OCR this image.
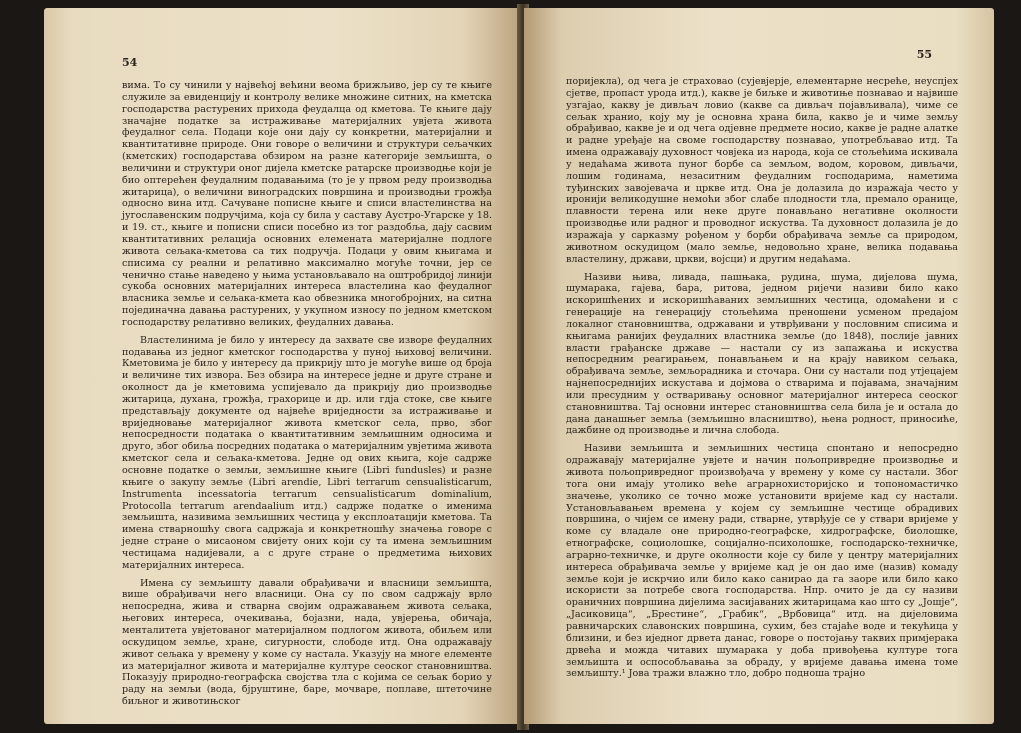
54

вима. То су чинили у највећој већини веома брижљиво, јер су те књиге служиле за евиденцију и контролу велике множине ситних, на кметска господарства растурених прихода феудалца од кметова. Те књиге дају значајне податке за истраживање материјалних увјета живота феудалног села. Подаци које они дају су конкретни, материјални и квантитативне природе. Они говоре о величини и структури сељачких (кметских) господарстава обзиром на разне категорије земљишта, о величини и структури оног дијела кметске ратарске производње који је био оптерећен феудалним подавањима (то је у првом реду производња житарица), о величини виноградских површина и производњи грожђа односно вина итд. Сачуване пописне књиге и списи властелинства на југославенским подручјима, која су била у саставу Аустро-Угарске у 18. и 19. ст., књиге и пописни списи посебно из тог раздобља, дају сасвим квантитативних релација основних елемената материјалне подлоге живота сељака-кметова са тих подручја. Подаци у овим књигама и списима су реални и релативно максимално могуће точни, јер се ченично стање наведено у њима установљавало на оштробридој линији сукоба основних материјалних интереса властелина као феудалног власника земље и сељака-кмета као обвезника многобројних, на ситна појединачна давања растурених, у укупном износу по једном кметском господарству релативно великих, феудалних давања.

Властелинима је било у интересу да захвате све изворе феудалних подавања из једног кметског господарства у пуној њиховој величини. Кметовима је било у интересу да прикрију што је могуће више од броја и величине тих извора. Без обзира на интересе једне и друге стране и околност да је кметовима успијевало да прикрију дио производње житарица, духана, грожђа, грахорице и др. или гдја стоке, све књиге представљају документе од највеће вриједности за истраживање и вриједновање материјалног живота кметског села, прво, због непосредности података о квантитативним земљишним односима и друго, због обиља посредних података о материјалним увјетима живота кметског села и сељака-кметова. Једне од ових књига, које садрже основне податке о земљи, земљишне књиге (Libri fundusles) и разне књиге о закупу земље (Libri arendie, Libri terrarum censualisticarum, Instrumenta incessatoria terrarum censualisticarum dominalium, Protocolla terrarum arendaalium итд.) садрже податке о именима земљишта, називима земљишних честица у експлоатацији кметова. Та имена стварношћу свога садржаја и конкретношћу значења говоре с једне стране о мисаоном свијету оних који су та имена земљишним честицама надијевали, а с друге стране о предметима њихових материјалних интереса.

Имена су земљишту давали обрађивачи и власници земљишта, више обрађивачи него власници. Она су по свом садржају врло непосредна, жива и стварна својим одражавањем живота сељака, његових интереса, очекивања, бојазни, нада, увјерења, обичаја, менталитета увјетованог материјалном подлогом живота, обиљем или оскудицом земље, хране, сигурности, слободе итд. Она одражавају живот сељака у времену у коме су настала. Указују на многе елементе из материјалног живота и материјалне културе сеоског становништва. Показују природно-географска својства тла с којима се сељак борио у раду на земљи (вода, бјруштине, баре, мочваре, поплаве, штеточине биљног и животињског

55

поријекла), од чега је страховао (сујевјерје, елементарне несреће, неуспјех сјетве, пропаст урода итд.), какве је биљке и животиње познавао и највише узгајао, какву је дивљач ловио (какве са дивљач појављивала), чиме се сељак хранио, коју му је основна храна била, какво је и чиме земљу обрађивао, какве је и од чега одјевне предмете носио, какве је радне алатке и радне уређаје на своме господарству познавао, употребљавао итд. Та имена одражавају духовност човјека из народа, која се стољећима искивала у недаћама живота пуног борбе са земљом, водом, коровом, дивљачи, лошим годинама, незаситним феудалним господарима, наметима туђинских завојевача и цркве итд. Она је долазила до изражаја често у иронији великодушне немоћи због слабе плодности тла, премало оранице, плавности терена или неке друге понављано негативне околности производње или радног и проводног искуства. Та духовност долазила је до изражаја у сарказму рођеном у борби обрађивача земље са природом, животном оскудицом (мало земље, недовољно хране, велика подавања властелину, држави, цркви, војсци) и другим недаћама.

Називи њива, ливада, пашњака, рудина, шума, дијелова шума, шумарака, гајева, бара, ритова, једном ријечи називи било како искоришћених и искоришћаваних земљишних честица, одомаћени и с генерације на генерацију стољећима преношени усменом предајом локалног становништва, одржавани и утврђивани у пословним списима и књигама ранијих феудалних властника земље (до 1848), послије јавних власти грађанске државе — настали су из запажања и искуства непосредним реагирањем, понављањем и на крају навиком сељака, обрађивача земље, земљорадника и сточара. Они су настали под утјецајем најнепосреднијих искустава и дојмова о стварима и појавама, значајним или пресудним у остваривању основног материјалног интереса сеоског становништва. Тај основни интерес становништва села била је и остала до дана данашњег земља (земљишно власништво), њена родност, приносиће, дажбине од производње и лична слобода.

Називи земљишта и земљишних честица спонтано и непосредно одражавају материјалне увјете и начин пољопривредне производње и живота пољопривредног произвођача у времену у коме су настали. Због тога они имају утолико веће аграрнохисторијско и топономастичко значење, уколико се точно може установити вријеме кад су настали. Установљавањем времена у којем су земљишне честице обрадивих површина, о чијем се имену ради, стварне, утврђује се у ствари вријеме у коме су владале оне природно-географске, хидрографске, биолошке, етнографске, социолошке, социјално-психолошке, господарско-техничке, аграрно-техничке, и друге околности које су биле у центру материјалних интереса обрађивача земље у вријеме кад је он дао име (назив) комаду земље који је искрчио или било како санирао да га заоре или било како искористи за потребе свога господарства. Нпр. очито је да су називи ораничних површина дијелима засијаваних житарицама као што су „Јошје“, „Јасиковица“, „Брестине“, „Грабик“, „Врбовица“ итд. на дијеловима равничарских славонских површина, сухим, без стајаће воде и текућица у близини, и без иједног дрвета данас, говоре о постојању таквих примјерака дрвећа и можда читавих шумарака у доба привођења културе тога земљишта и оспособљавања за обраду, у вријеме давања имена томе земљишту.¹ Јова тражи влажно тло, добро подноша трајно
